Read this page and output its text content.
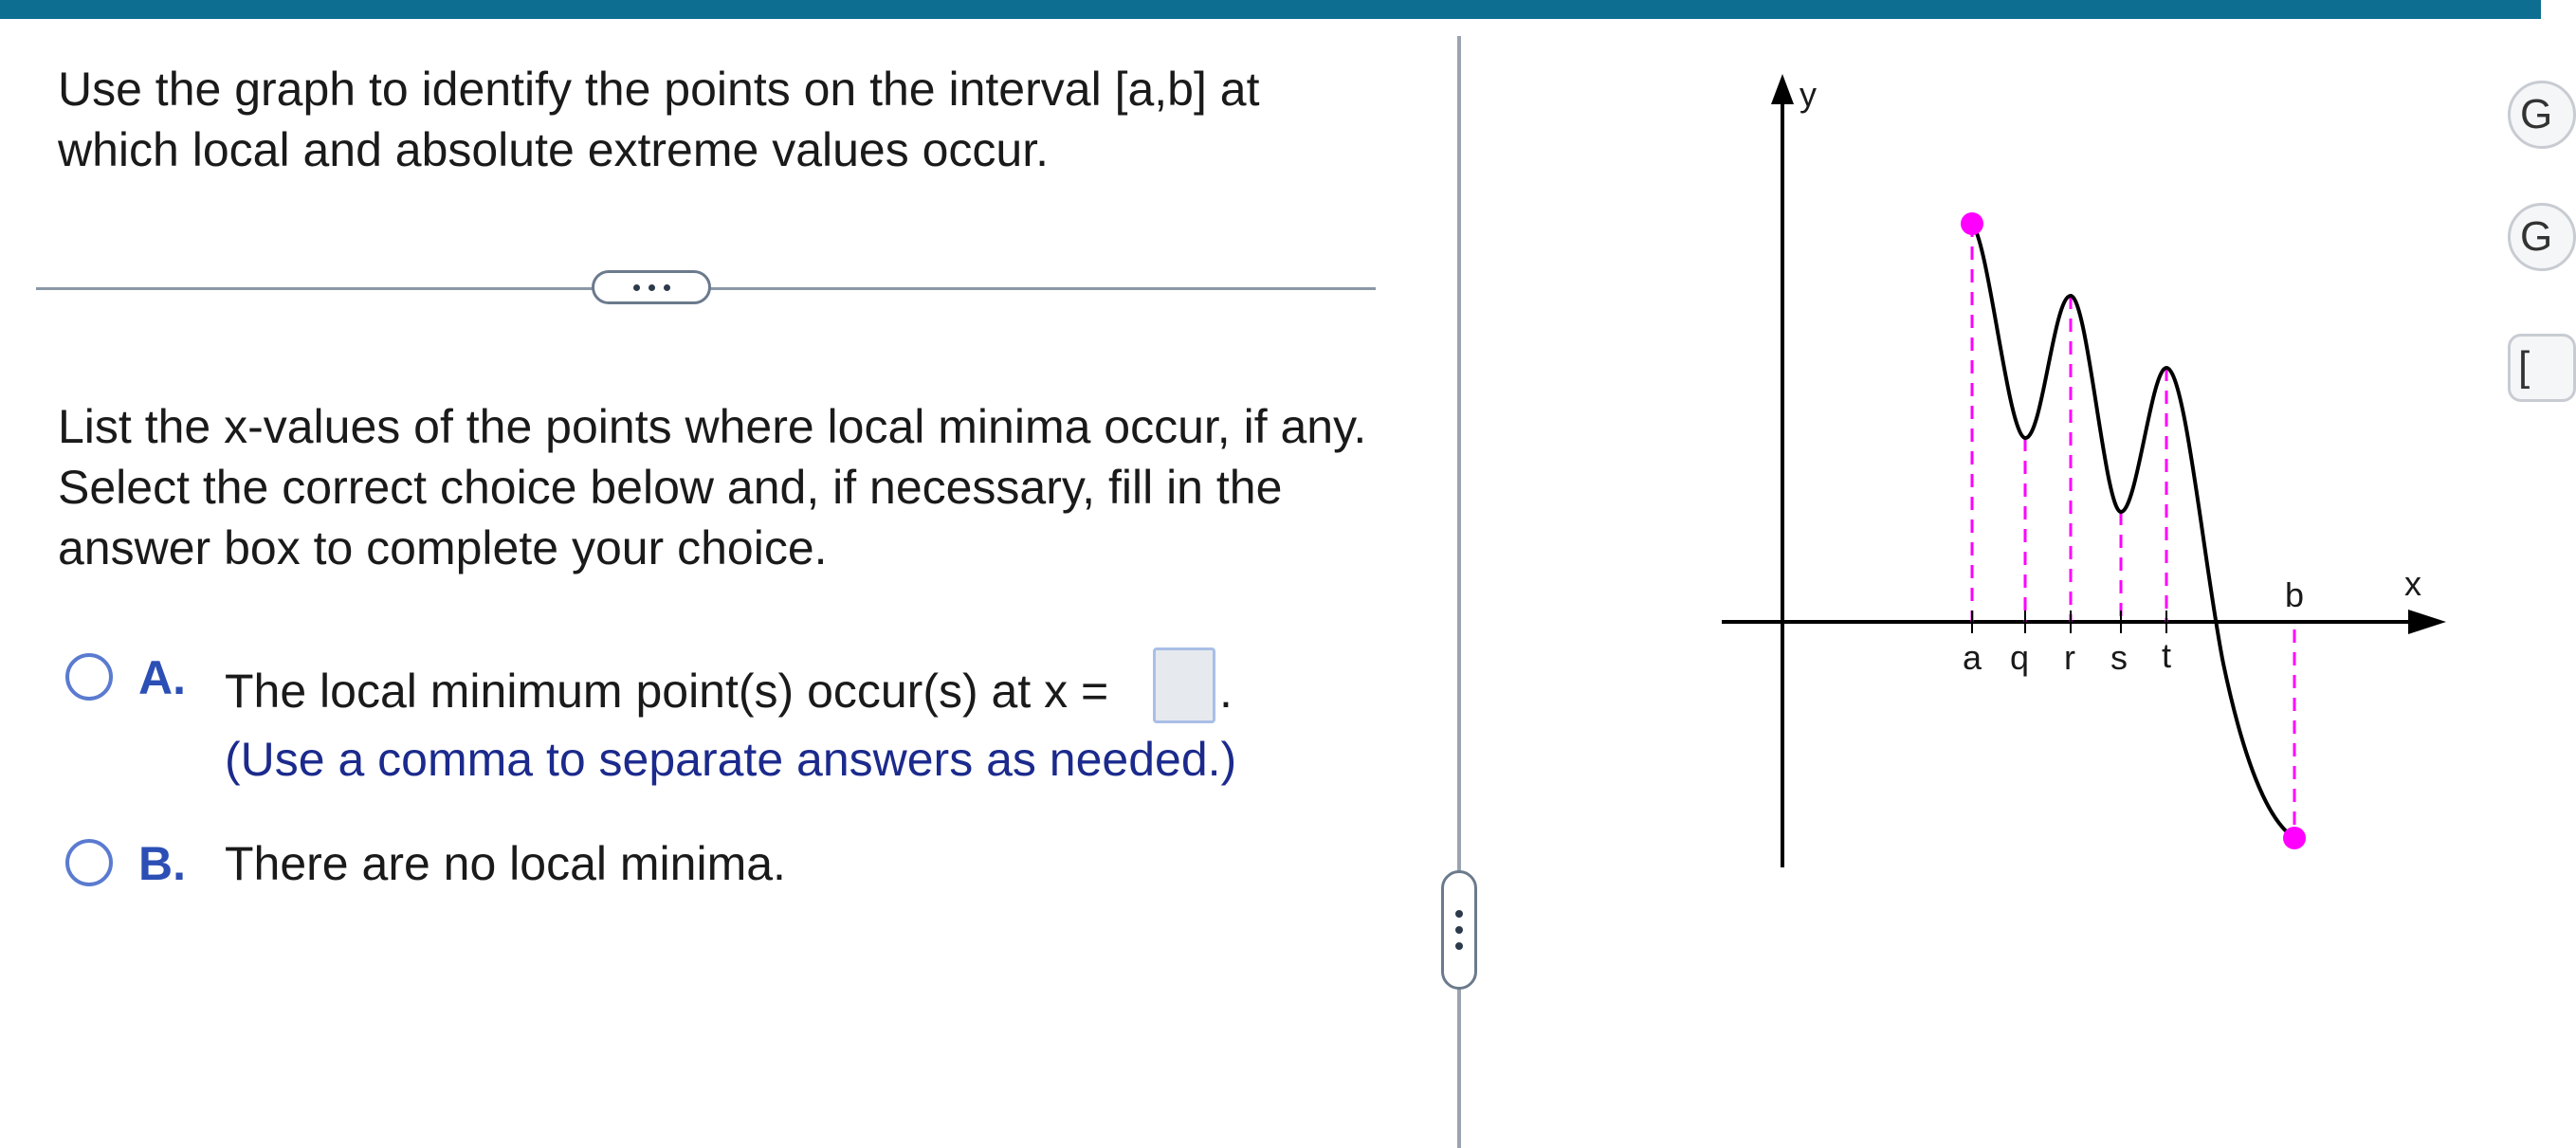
Use the graph to identify the points on the interval [a,b] at which local and absolute extreme values occur.

List the x-values of the points where local minima occur, if any. Select the correct choice below and, if necessary, fill in the answer box to complete your choice.

A. The local minimum point(s) occur(s) at x = .
(Use a comma to separate answers as needed.)
B. There are no local minima.
y
x
a q r s t
b
G
G
[
